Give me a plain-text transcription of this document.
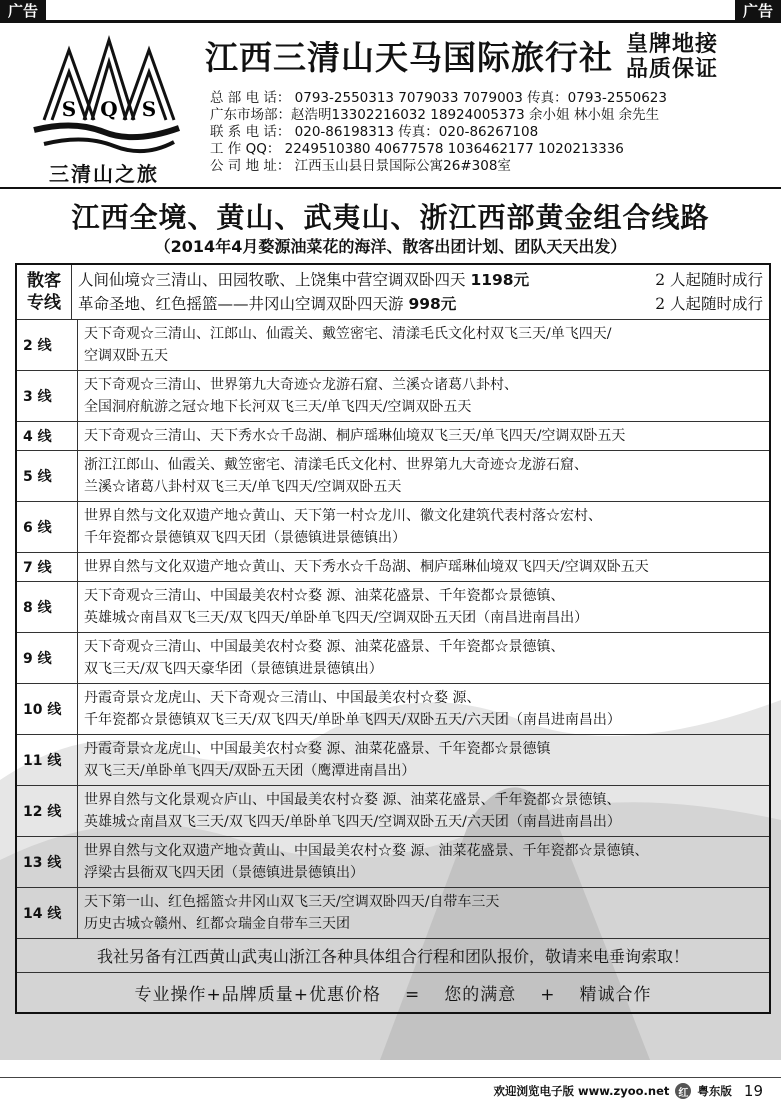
广告	广告
S Q S
三清山之旅
江西三清山天马国际旅行社 皇牌地接
品质保证
总 部 电 话： 0793-2550313 7079033 7079003 传真：0793-2550623
广东市场部：赵浩明13302216032 18924005373 余小姐 林小姐 余先生
联 系 电 话： 020-86198313 传真：020-86267108
工 作 QQ： 2249510380 40677578 1036462177 1020213336
公 司 地 址： 江西玉山县日景国际公寓26#308室
江西全境、黄山、武夷山、浙江西部黄金组合线路
（2014年4月婺源油菜花的海洋、散客出团计划、团队天天出发）
散客
专线
人间仙境☆三清山、田园牧歌、上饶集中营空调双卧四天 1198元	2 人起随时成行
革命圣地、红色摇篮——井冈山空调双卧四天游 998元	2 人起随时成行
2 线
天下奇观☆三清山、江郎山、仙霞关、戴笠密宅、清漾毛氏文化村双飞三天/单飞四天/
空调双卧五天
3 线
天下奇观☆三清山、世界第九大奇迹☆龙游石窟、兰溪☆诸葛八卦村、
全国洞府航游之冠☆地下长河双飞三天/单飞四天/空调双卧五天
4 线	天下奇观☆三清山、天下秀水☆千岛湖、桐庐瑶琳仙境双飞三天/单飞四天/空调双卧五天
5 线
浙江江郎山、仙霞关、戴笠密宅、清漾毛氏文化村、世界第九大奇迹☆龙游石窟、
兰溪☆诸葛八卦村双飞三天/单飞四天/空调双卧五天
6 线
世界自然与文化双遗产地☆黄山、天下第一村☆龙川、徽文化建筑代表村落☆宏村、
千年瓷都☆景德镇双飞四天团（景德镇进景德镇出）
7 线	世界自然与文化双遗产地☆黄山、天下秀水☆千岛湖、桐庐瑶琳仙境双飞四天/空调双卧五天
8 线
天下奇观☆三清山、中国最美农村☆婺 源、油菜花盛景、千年瓷都☆景德镇、
英雄城☆南昌双飞三天/双飞四天/单卧单飞四天/空调双卧五天团（南昌进南昌出）
9 线
天下奇观☆三清山、中国最美农村☆婺 源、油菜花盛景、千年瓷都☆景德镇、
双飞三天/双飞四天豪华团（景德镇进景德镇出）
10 线
丹霞奇景☆龙虎山、天下奇观☆三清山、中国最美农村☆婺 源、
千年瓷都☆景德镇双飞三天/双飞四天/单卧单飞四天/双卧五天/六天团（南昌进南昌出）
11 线
丹霞奇景☆龙虎山、中国最美农村☆婺 源、油菜花盛景、千年瓷都☆景德镇
双飞三天/单卧单飞四天/双卧五天团（鹰潭进南昌出）
12 线
世界自然与文化景观☆庐山、中国最美农村☆婺 源、油菜花盛景、千年瓷都☆景德镇、
英雄城☆南昌双飞三天/双飞四天/单卧单飞四天/空调双卧五天/六天团（南昌进南昌出）
13 线
世界自然与文化双遗产地☆黄山、中国最美农村☆婺 源、油菜花盛景、千年瓷都☆景德镇、
浮梁古县衙双飞四天团（景德镇进景德镇出）
14 线
天下第一山、红色摇篮☆井冈山双飞三天/空调双卧四天/自带车三天
历史古城☆赣州、红都☆瑞金自带车三天团
我社另备有江西黄山武夷山浙江各种具体组合行程和团队报价，敬请来电垂询索取！
专业操作+品牌质量+优惠价格 = 您的满意 + 精诚合作
欢迎浏览电子版 www.zyoo.net 红 粤东版 19
